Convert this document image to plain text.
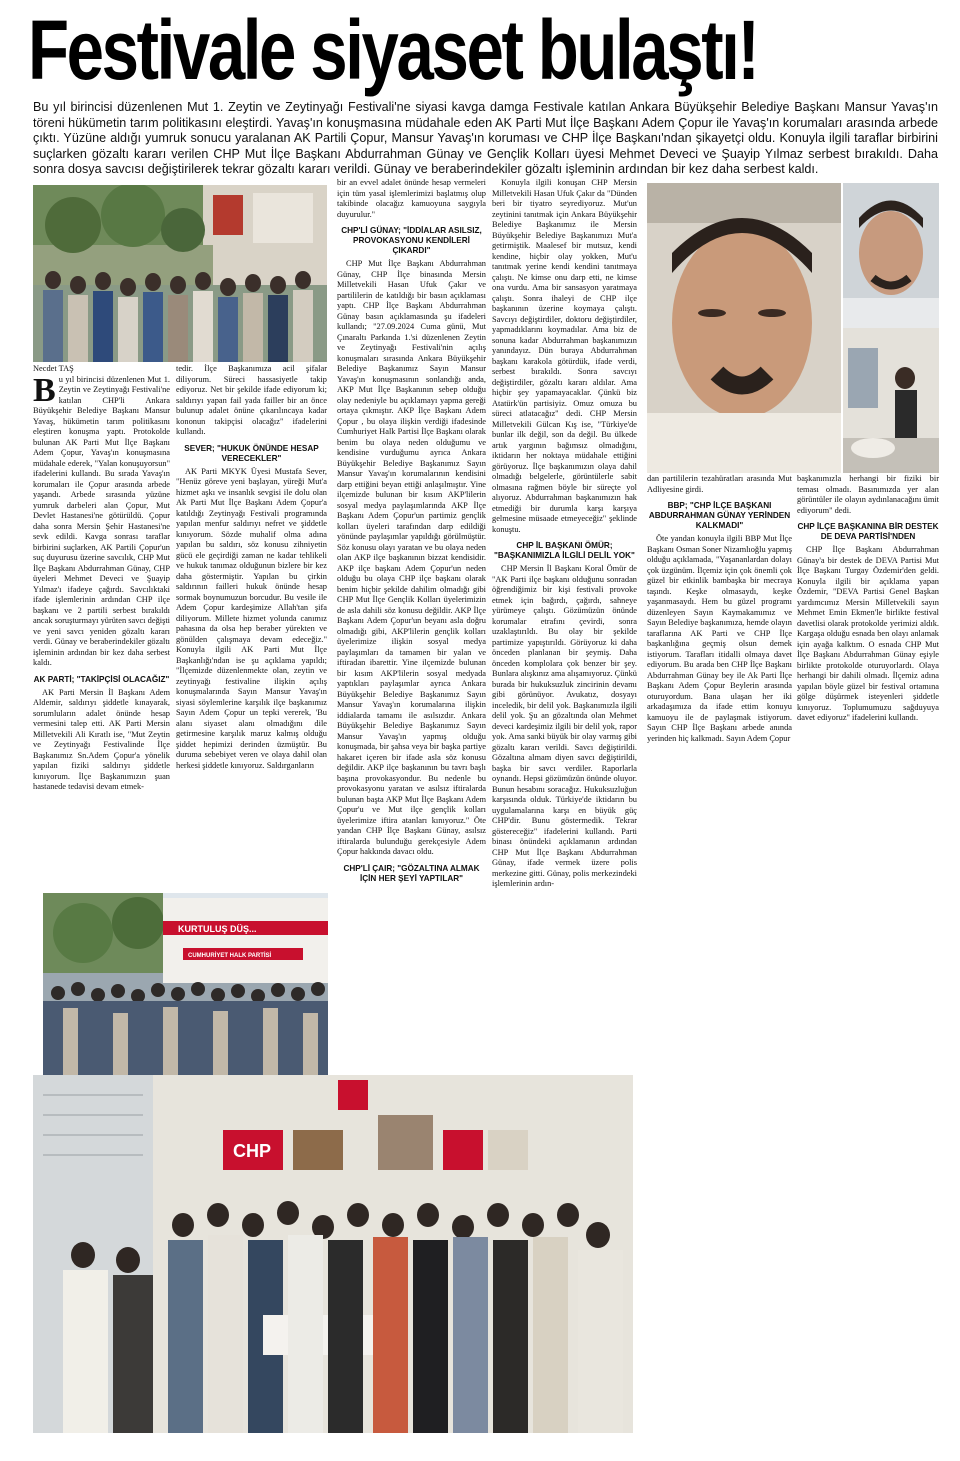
Festivale siyaset bulaştı!
Bu yıl birincisi düzenlenen Mut 1. Zeytin ve Zeytinyağı Festivali'ne siyasi kavga damga Festivale katılan Ankara Büyükşehir Belediye Başkanı Mansur Yavaş'ın töreni hükümetin tarım politikasını eleştirdi. Yavaş'ın konuşmasına müdahale eden AK Parti Mut İlçe Başkanı Adem Çopur ile Yavaş'ın korumaları arasında arbede çıktı. Yüzüne aldığı yumruk sonucu yaralanan AK Partili Çopur, Mansur Yavaş'ın koruması ve CHP İlçe Başkanı'ndan şikayetçi oldu. Konuyla ilgili taraflar birbirini suçlarken gözaltı kararı verilen CHP Mut İlçe Başkanı Abdurrahman Günay ve Gençlik Kolları üyesi Mehmet Deveci ve Şuayip Yılmaz serbest bırakıldı. Daha sonra dosya savcısı değiştirilerek tekrar gözaltı kararı verildi. Günay ve beraberindekiler gözaltı işleminin ardından bir kez daha serbest kaldı.
KURTULUŞ DÜŞ...
CUMHURİYET HALK PARTİSİ
CHP
Necdet TAŞ

Bu yıl birincisi düzenlenen Mut 1. Zeytin ve Zeytinyağı Festivali'ne katılan CHP'li Ankara Büyükşehir Belediye Başkanı Mansur Yavaş, hükümetin tarım politikasını eleştiren konuşma yaptı. Protokolde bulunan AK Parti Mut İlçe Başkanı Adem Çopur, Yavaş'ın konuşmasına müdahale ederek, "Yalan konuşuyorsun" ifadelerini kullandı. Bu sırada Yavaş'ın korumaları ile Çopur arasında arbede yaşandı. Arbede sırasında yüzüne yumruk darbeleri alan Çopur, Mut Devlet Hastanesi'ne götürüldü. Çopur daha sonra Mersin Şehir Hastanesi'ne sevk edildi. Kavga sonrası taraflar birbirini suçlarken, AK Partili Çopur'un suç duyurusu üzerine savcılık, CHP Mut İlçe Başkanı Abdurrahman Günay, CHP üyeleri Mehmet Deveci ve Şuayip Yılmaz'ı ifadeye çağırdı. Savcılıktaki ifade işlemlerinin ardından CHP ilçe başkanı ve 2 partili serbest bırakıldı ancak soruşturmayı yürüten savcı değişti ve yeni savcı yeniden gözaltı kararı verdi. Günay ve beraberindekiler gözaltı işleminin ardından bir kez daha serbest kaldı.

AK PARTİ; "TAKİPÇİSİ OLACAĞIZ"

AK Parti Mersin İl Başkanı Adem Aldemir, saldırıyı şiddetle kınayarak, sorumluların adalet önünde hesap vermesini talep etti. AK Parti Mersin Milletvekili Ali Kıratlı ise, "Mut Zeytin ve Zeytinyağı Festivalinde İlçe Başkanımız Sn.Adem Çopur'a yönelik yapılan fiziki saldırıyı şiddetle kınıyorum. İlçe Başkanımızın şuan hastanede tedavisi devam etmek-

tedir. İlçe Başkanımıza acil şifalar diliyorum. Süreci hassasiyetle takip ediyoruz. Net bir şekilde ifade ediyorum ki; saldırıyı yapan fail yada failler bir an önce bulunup adalet önüne çıkarılıncaya kadar kononun takipçisi olacağız" ifadelerini kullandı.

SEVER; "HUKUK ÖNÜNDE HESAP VERECEKLER"

AK Parti MKYK Üyesi Mustafa Sever, "Henüz göreve yeni başlayan, yüreği Mut'a hizmet aşkı ve insanlık sevgisi ile dolu olan Ak Parti Mut İlçe Başkanı Adem Çopur'a katıldığı Zeytinyağı Festivali programında yapılan menfur saldırıyı nefret ve şiddetle kınıyorum. Sözde muhalif olma adına yapılan bu saldırı, söz konusu zihniyetin gücü ele geçirdiği zaman ne kadar tehlikeli ve hukuk tanımaz olduğunun bizlere bir kez daha göstermiştir. Yapılan bu çirkin saldırının failleri hukuk önünde hesap sormak boynumuzun borcudur. Bu vesile ile Adem Çopur kardeşimize Allah'tan şifa diliyorum. Millete hizmet yolunda canımız pahasına da olsa hep beraber yürekten ve gönülden çalışmaya devam edeceğiz." Konuyla ilgili AK Parti Mut İlçe Başkanlığı'ndan ise şu açıklama yapıldı; "İlçemizde düzenlenmekte olan, zeytin ve zeytinyağı festivaline ilişkin açılış konuşmalarında Sayın Mansur Yavaş'ın siyasi söylemlerine karşılık ilçe başkanımız Sayın Adem Çopur un tepki vererek, 'Bu alanı siyaset alanı olmadığını dile getirmesine karşılık maruz kalmış olduğu şiddet hepimizi derinden üzmüştür. Bu duruma sebebiyet veren ve olaya dahil olan herkesi şiddetle kınıyoruz. Saldırganların

bir an evvel adalet önünde hesap vermeleri için tüm yasal işlemlerimizi başlatmış olup takibinde olacağız kamuoyuna saygıyla duyurulur."

CHP'Lİ GÜNAY; "İDDİALAR ASILSIZ, PROVOKASYONU KENDİLERİ ÇIKARDI"

CHP Mut İlçe Başkanı Abdurrahman Günay, CHP İlçe binasında Mersin Milletvekili Hasan Ufuk Çakır ve partililerin de katıldığı bir basın açıklaması yaptı. CHP İlçe Başkanı Abdurrahman Günay basın açıklamasında şu ifadeleri kullandı; "27.09.2024 Cuma günü, Mut Çınaraltı Parkında 1.'si düzenlenen Zeytin ve Zeytinyağı Festivali'nin açılış konuşmaları sırasında Ankara Büyükşehir Belediye Başkanımız Sayın Mansur Yavaş'ın konuşmasının sonlandığı anda, AKP Mut İlçe Başkanının sebep olduğu olay nedeniyle bu açıklamayı yapma gereği ortaya çıkmıştır. AKP İlçe Başkanı Adem Çopur , bu olaya ilişkin verdiği ifadesinde Cumhuriyet Halk Partisi İlçe Başkanı olarak benim bu olaya neden olduğumu ve kendisine vurduğumu ayrıca Ankara Büyükşehir Belediye Başkanımız Sayın Mansur Yavaş'ın korumalarının kendisini darp ettiğini beyan ettiği anlaşılmıştır. Yine ilçemizde bulunan bir kısım AKP'lilerin sosyal medya paylaşımlarında AKP İlçe Başkanı Adem Çopur'un partimiz gençlik kolları üyeleri tarafından darp edildiği yönünde paylaşımlar yapıldığı görülmüştür. Söz konusu olayı yaratan ve bu olaya neden olan AKP ilçe başkanının bizzat kendisidir. AKP ilçe başkanı Adem Çopur'un neden olduğu bu olaya CHP ilçe başkanı olarak benim hiçbir şekilde dahilim olmadığı gibi CHP Mut İlçe Gençlik Kolları üyelerimizin de asla dahili söz konusu değildir. AKP İlçe Başkanı Adem Çopur'un beyanı asla doğru olmadığı gibi, AKP'lilerin gençlik kolları üyelerimize ilişkin sosyal medya paylaşımları da tamamen bir yalan ve iftiradan ibarettir. Yine ilçemizde bulunan bir kısım AKP'lilerin sosyal medyada yaptıkları paylaşımlar ayrıca Ankara Büyükşehir Belediye Başkanımız Sayın Mansur Yavaş'ın korumalarına ilişkin iddialarda tamamı ile asılsızdır. Ankara Büyükşehir Belediye Başkanımız Sayın Mansur Yavaş'ın yapmış olduğu konuşmada, bir şahsa veya bir başka partiye hakaret içeren bir ifade asla söz konusu değildir. AKP ilçe başkanının bu tavrı başlı başına provokasyondur. Bu nedenle bu provokasyonu yaratan ve asılsız iftiralarda bulunan başta AKP Mut İlçe Başkanı Adem Çopur'u ve Mut ilçe gençlik kolları üyelerimize iftira atanları kınıyoruz." Öte yandan CHP İlçe Başkanı Günay, asılsız iftiralarda bulunduğu gerekçesiyle Adem Çopur hakkında davacı oldu.

CHP'Lİ ÇAIR; "GÖZALTINA ALMAK İÇİN HER ŞEYİ YAPTILAR"

Konuyla ilgili konuşan CHP Mersin Milletvekili Hasan Ufuk Çakır da "Dünden beri bir tiyatro seyrediyoruz. Mut'un zeytinini tanıtmak için Ankara Büyükşehir Belediye Başkanımız ile Mersin Büyükşehir Belediye Başkanımızı Mut'a getirmiştik. Maalesef bir mutsuz, kendi kendine, hiçbir olay yokken, Mut'u tanıtmak yerine kendi kendini tanıtmaya çalıştı. Ne kimse onu darp etti, ne kimse ona vurdu. Ama bir sansasyon yaratmaya çalıştı. Sonra ihaleyi de CHP ilçe başkanının üzerine koymaya çalıştı. Savcıyı değiştirdiler, doktoru değiştirdiler, yapmadıklarını koymadılar. Ama biz de sonuna kadar Abdurrahman başkanımızın yanındayız. Dün buraya Abdurrahman başkanı karakola götürdük, ifade verdi, serbest bırakıldı. Sonra savcıyı değiştirdiler, gözaltı kararı aldılar. Ama hiçbir şey yapamayacaklar. Çünkü biz Atatürk'ün partisiyiz. Omuz omuza bu süreci atlatacağız" dedi. CHP Mersin Milletvekili Gülcan Kış ise, "Türkiye'de bunlar ilk değil, son da değil. Bu ülkede artık yargının bağımsız olmadığını, iktidarın her noktaya müdahale ettiğini görüyoruz. İlçe başkanımızın olaya dahil olmadığı belgelerle, görüntülerle sabit olmasına rağmen böyle bir süreçte yol alıyoruz. Abdurrahman başkanımızın hak etmediği bir durumla karşı karşıya gelmesine müsaade etmeyeceğiz" şeklinde konuştu.

CHP İL BAŞKANI ÖMÜR; "BAŞKANIMIZLA İLGİLİ DELİL YOK"

CHP Mersin İl Başkanı Koral Ömür de "AK Parti ilçe başkanı olduğunu sonradan öğrendiğimiz bir kişi festivali provoke etmek için bağırdı, çağırdı, sahneye yürümeye çalıştı. Gözümüzün önünde korumalar etrafını çevirdi, sonra uzaklaştırıldı. Bu olay bir şekilde partimize yapıştırıldı. Görüyoruz ki daha önceden planlanan bir şeymiş. Daha önceden komplolara çok benzer bir şey. Bunlara alışkınız ama alışamıyoruz. Çünkü burada bir hukuksuzluk zincirinin devamı gibi görünüyor. Avukatız, dosyayı inceledik, bir delil yok. Başkanımızla ilgili delil yok. Şu an gözaltında olan Mehmet deveci kardeşimiz ilgili bir delil yok, rapor yok. Ama sanki büyük bir olay varmış gibi gözaltı kararı verildi. Savcı değiştirildi. Gözaltına almam diyen savcı değiştirildi, başka bir savcı verdiler. Raporlarla oynandı. Hepsi gözümüzün önünde oluyor. Bunun hesabını soracağız. Hukuksuzluğun karşısında olduk. Türkiye'de iktidarın bu uygulamalarına karşı en büyük güç CHP'dir. Bunu göstermedik. Tekrar göstereceğiz" ifadelerini kullandı. Parti binası önündeki açıklamanın ardından CHP Mut İlçe Başkanı Abdurrahman Günay, ifade vermek üzere polis merkezine gitti. Günay, polis merkezindeki işlemlerinin ardın-

dan partililerin tezahüratları arasında Mut Adliyesine girdi.

BBP; "CHP İLÇE BAŞKANI ABDURRAHMAN GÜNAY YERİNDEN KALKMADI"

Öte yandan konuyla ilgili BBP Mut İlçe Başkanı Osman Soner Nizamlıoğlu yapmış olduğu açıklamada, "Yaşananlardan dolayı çok üzgünüm. İlçemiz için çok önemli çok güzel bir etkinlik bambaşka bir mecraya taşındı. Keşke olmasaydı, keşke yaşanmasaydı. Hem bu güzel programı düzenleyen Sayın Kaymakamımız ve Sayın Belediye başkanımıza, hemde olayın taraflarına AK Parti ve CHP İlçe başkanlığına geçmiş olsun demek istiyorum. Tarafları itidalli olmaya davet ediyorum. Bu arada ben CHP İlçe Başkanı Abdurrahman Günay bey ile Ak Parti İlçe Başkanı Adem Çopur Beylerin arasında oturuyordum. Bana ulaşan her iki arkadaşımıza da ifade ettim konuyu kamuoyu ile de paylaşmak istiyorum. Sayın CHP İlçe Başkanı arbede anında yerinden hiç kalkmadı. Sayın Adem Çopur

başkanımızla herhangi bir fiziki bir teması olmadı. Basınımızda yer alan görüntüler ile olayın aydınlanacağını ümit ediyorum" dedi.

CHP İLÇE BAŞKANINA BİR DESTEK DE DEVA PARTİSİ'NDEN

CHP İlçe Başkanı Abdurrahman Günay'a bir destek de DEVA Partisi Mut İlçe Başkanı Turgay Özdemir'den geldi. Konuyla ilgili bir açıklama yapan Özdemir, "DEVA Partisi Genel Başkan yardımcımız Mersin Milletvekili sayın Mehmet Emin Ekmen'le birlikte festival davetlisi olarak protokolde yerimizi aldık. Kargaşa olduğu esnada ben olayı anlamak için ayağa kalktım. O esnada CHP Mut İlçe Başkanı Abdurrahman Günay eşiyle birlikte protokolde oturuyorlardı. Olaya herhangi bir dahili olmadı. İlçemiz adına yapılan böyle güzel bir festival ortamına gölge düşürmek isteyenleri şiddetle kınıyoruz. Toplumumuzu sağduyuya davet ediyoruz" ifadelerini kullandı.
